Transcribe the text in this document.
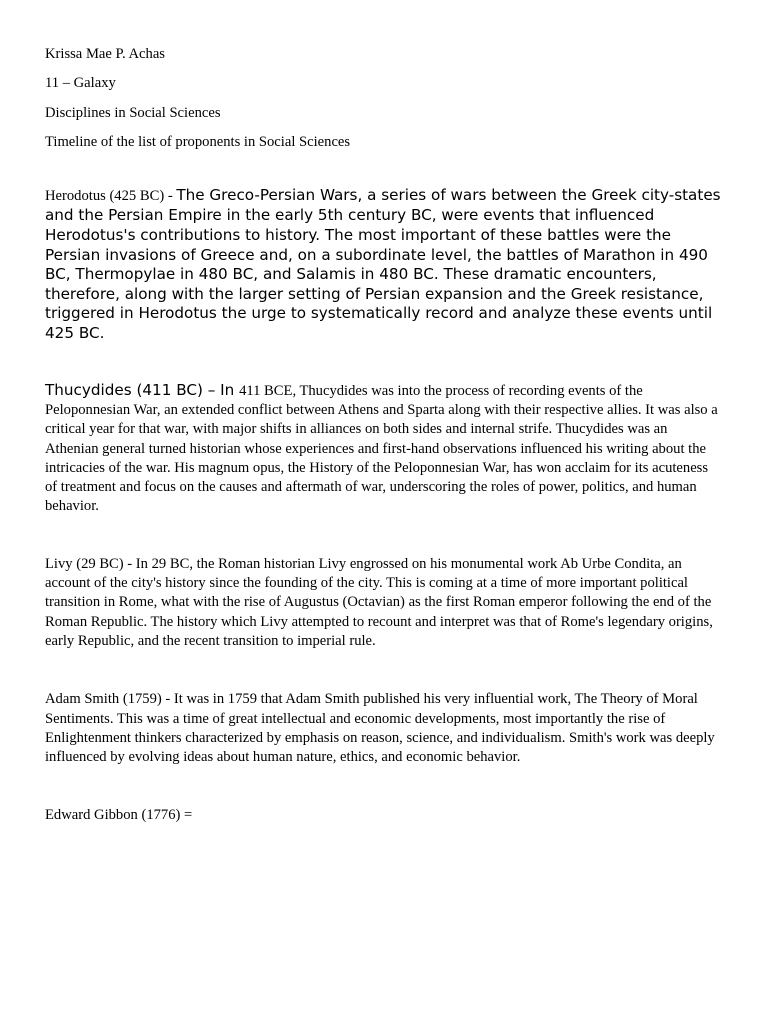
Krissa Mae P. Achas

11 – Galaxy

Disciplines in Social Sciences

Timeline of the list of proponents in Social Sciences

Herodotus (425 BC) - The Greco-Persian Wars, a series of wars between the Greek city-states and the Persian Empire in the early 5th century BC, were events that influenced Herodotus's contributions to history. The most important of these battles were the Persian invasions of Greece and, on a subordinate level, the battles of Marathon in 490 BC, Thermopylae in 480 BC, and Salamis in 480 BC. These dramatic encounters, therefore, along with the larger setting of Persian expansion and the Greek resistance, triggered in Herodotus the urge to systematically record and analyze these events until 425 BC.

Thucydides (411 BC) – In 411 BCE, Thucydides was into the process of recording events of the Peloponnesian War, an extended conflict between Athens and Sparta along with their respective allies. It was also a critical year for that war, with major shifts in alliances on both sides and internal strife. Thucydides was an Athenian general turned historian whose experiences and first-hand observations influenced his writing about the intricacies of the war. His magnum opus, the History of the Peloponnesian War, has won acclaim for its acuteness of treatment and focus on the causes and aftermath of war, underscoring the roles of power, politics, and human behavior.

Livy (29 BC) - In 29 BC, the Roman historian Livy engrossed on his monumental work Ab Urbe Condita, an account of the city's history since the founding of the city. This is coming at a time of more important political transition in Rome, what with the rise of Augustus (Octavian) as the first Roman emperor following the end of the Roman Republic. The history which Livy attempted to recount and interpret was that of Rome's legendary origins, early Republic, and the recent transition to imperial rule.

Adam Smith (1759) - It was in 1759 that Adam Smith published his very influential work, The Theory of Moral Sentiments. This was a time of great intellectual and economic developments, most importantly the rise of Enlightenment thinkers characterized by emphasis on reason, science, and individualism. Smith's work was deeply influenced by evolving ideas about human nature, ethics, and economic behavior.

Edward Gibbon (1776) =
